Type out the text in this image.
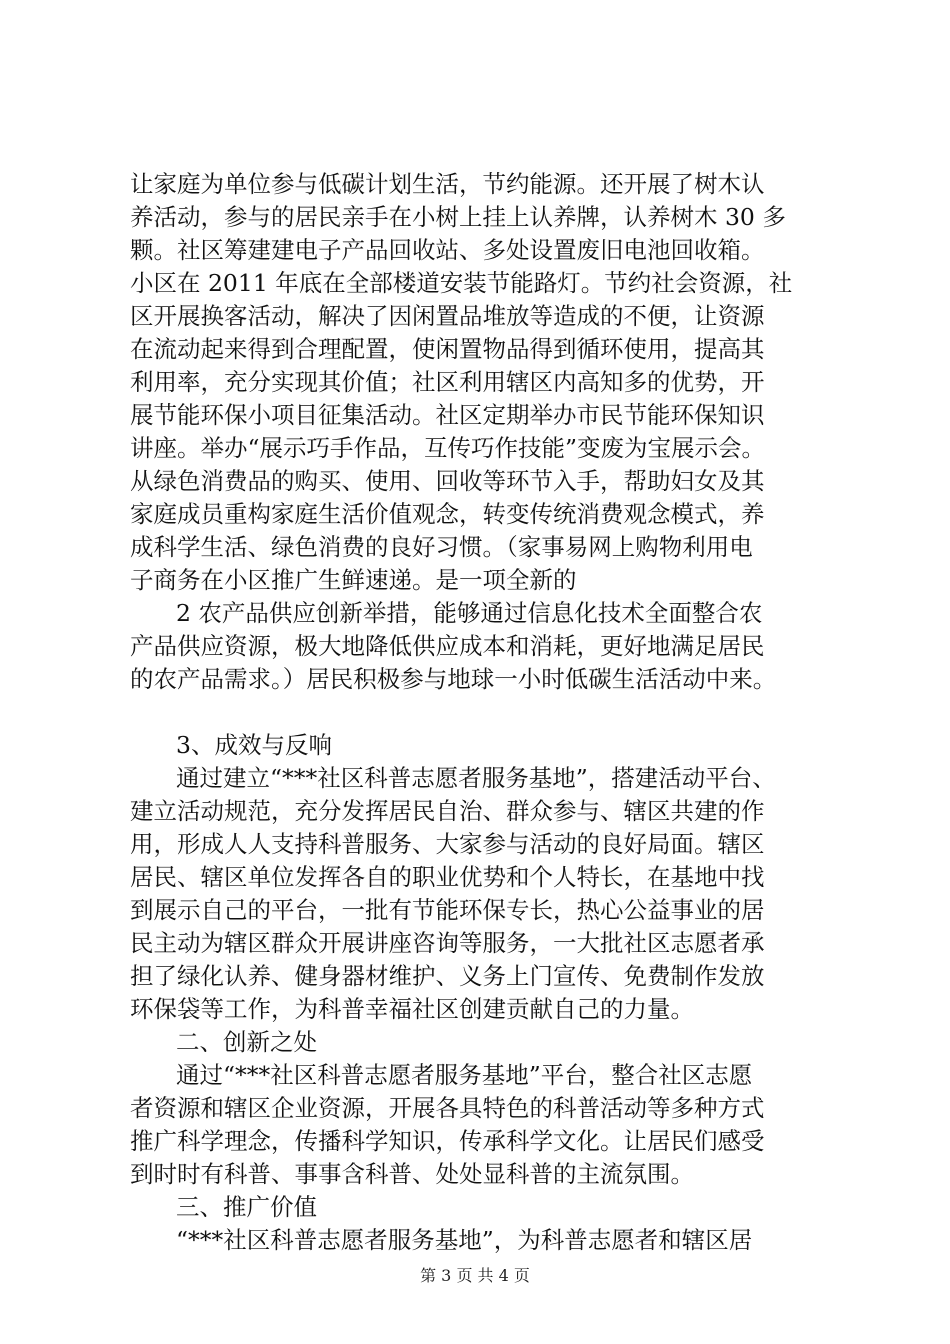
让家庭为单位参与低碳计划生活，节约能源。还开展了树木认
养活动，参与的居民亲手在小树上挂上认养牌，认养树木 30 多
颗。社区筹建建电子产品回收站、多处设置废旧电池回收箱。
小区在 2011 年底在全部楼道安装节能路灯。节约社会资源，社
区开展换客活动，解决了因闲置品堆放等造成的不便，让资源
在流动起来得到合理配置，使闲置物品得到循环使用，提高其
利用率，充分实现其价值；社区利用辖区内高知多的优势，开
展节能环保小项目征集活动。社区定期举办市民节能环保知识
讲座。举办“展示巧手作品，互传巧作技能”变废为宝展示会。
从绿色消费品的购买、使用、回收等环节入手，帮助妇女及其
家庭成员重构家庭生活价值观念，转变传统消费观念模式，养
成科学生活、绿色消费的良好习惯。（家事易网上购物利用电
子商务在小区推广生鲜速递。是一项全新的
2 农产品供应创新举措，能够通过信息化技术全面整合农
产品供应资源，极大地降低供应成本和消耗，更好地满足居民
的农产品需求。）居民积极参与地球一小时低碳生活活动中来。
3、成效与反响
通过建立“***社区科普志愿者服务基地”，搭建活动平台、
建立活动规范，充分发挥居民自治、群众参与、辖区共建的作
用，形成人人支持科普服务、大家参与活动的良好局面。辖区
居民、辖区单位发挥各自的职业优势和个人特长，在基地中找
到展示自己的平台，一批有节能环保专长，热心公益事业的居
民主动为辖区群众开展讲座咨询等服务，一大批社区志愿者承
担了绿化认养、健身器材维护、义务上门宣传、免费制作发放
环保袋等工作，为科普幸福社区创建贡献自己的力量。
二、创新之处
通过“***社区科普志愿者服务基地”平台，整合社区志愿
者资源和辖区企业资源，开展各具特色的科普活动等多种方式
推广科学理念，传播科学知识，传承科学文化。让居民们感受
到时时有科普、事事含科普、处处显科普的主流氛围。
三、推广价值
“***社区科普志愿者服务基地”，为科普志愿者和辖区居
第 3 页 共 4 页
